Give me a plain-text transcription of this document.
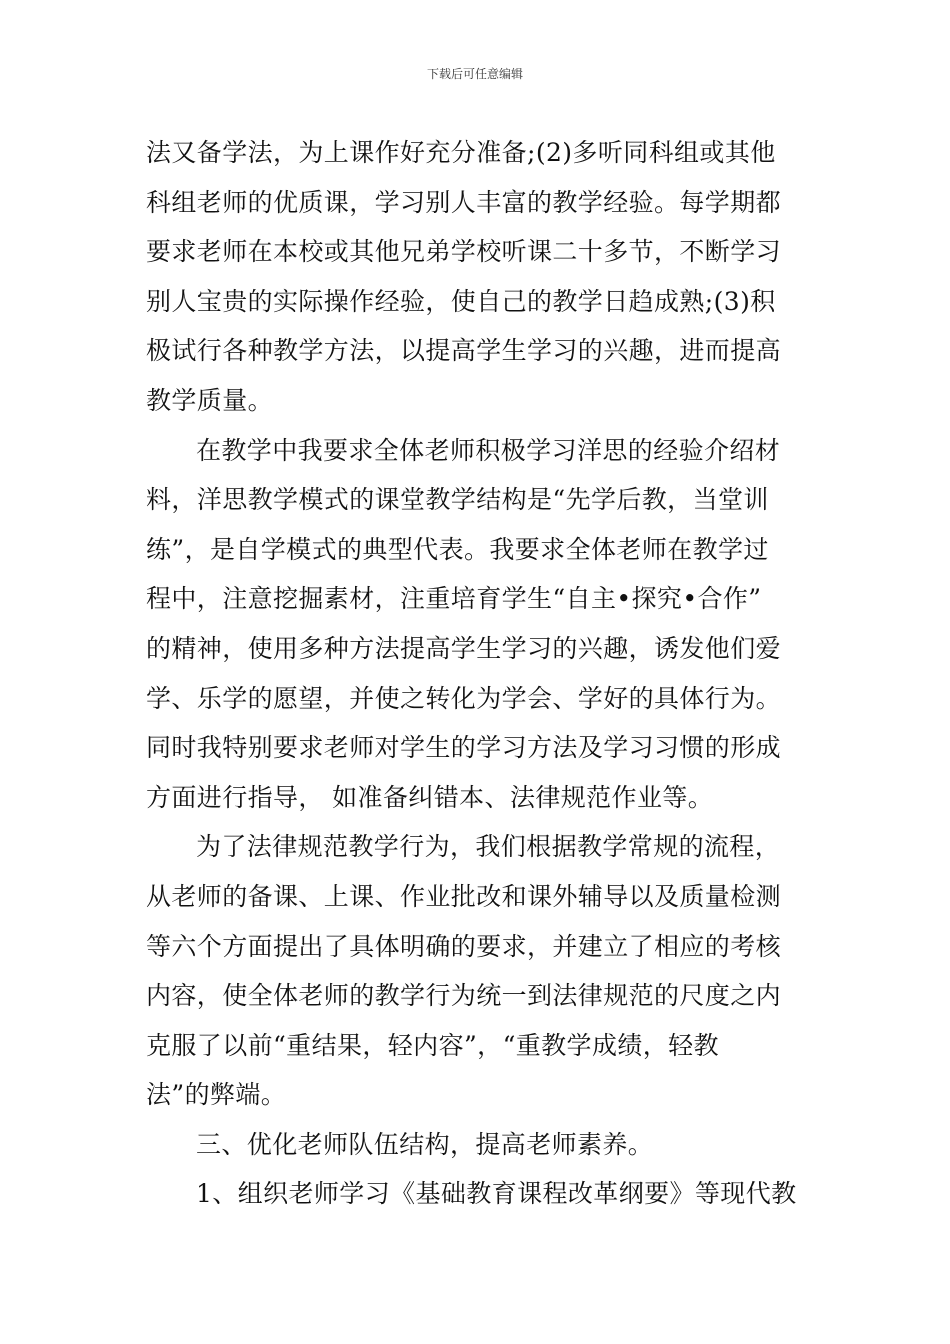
下载后可任意编辑
法又备学法，为上课作好充分准备;(2)多听同科组或其他
科组老师的优质课，学习别人丰富的教学经验。每学期都
要求老师在本校或其他兄弟学校听课二十多节，不断学习
别人宝贵的实际操作经验，使自己的教学日趋成熟;(3)积
极试行各种教学方法，以提高学生学习的兴趣，进而提高
教学质量。
在教学中我要求全体老师积极学习洋思的经验介绍材
料，洋思教学模式的课堂教学结构是“先学后教，当堂训
练”，是自学模式的典型代表。我要求全体老师在教学过
程中，注意挖掘素材，注重培育学生“自主•探究•合作”
的精神，使用多种方法提高学生学习的兴趣，诱发他们爱
学、乐学的愿望，并使之转化为学会、学好的具体行为。
同时我特别要求老师对学生的学习方法及学习习惯的形成
方面进行指导， 如准备纠错本、法律规范作业等。
为了法律规范教学行为，我们根据教学常规的流程，
从老师的备课、上课、作业批改和课外辅导以及质量检测
等六个方面提出了具体明确的要求，并建立了相应的考核
内容，使全体老师的教学行为统一到法律规范的尺度之内
克服了以前“重结果，轻内容”，“重教学成绩，轻教
法”的弊端。
三、优化老师队伍结构，提高老师素养。
1、组织老师学习《基础教育课程改革纲要》等现代教
